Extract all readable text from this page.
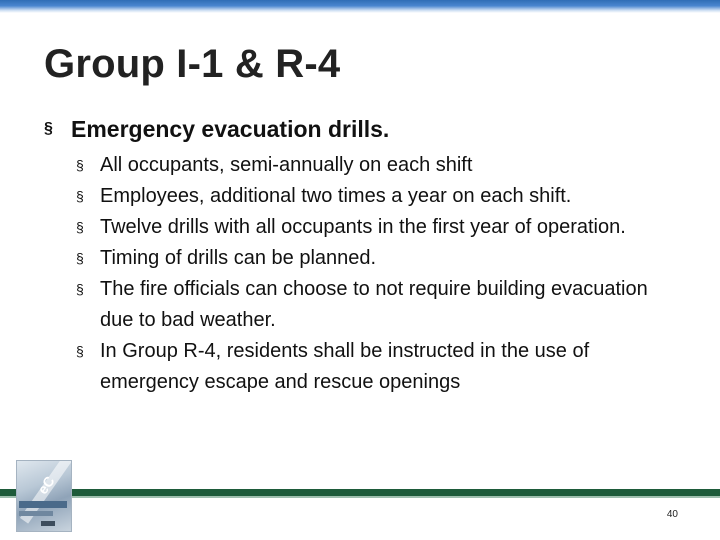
Group I-1 & R-4
§ Emergency evacuation drills.
§ All occupants, semi-annually on each shift
§ Employees, additional two times a year on each shift.
§ Twelve drills with all occupants in the first year of operation.
§ Timing of drills can be planned.
§ The fire officials can choose to not require building evacuation due to bad weather.
§ In Group R-4, residents shall be instructed in the use of emergency escape and rescue openings
eC
40
